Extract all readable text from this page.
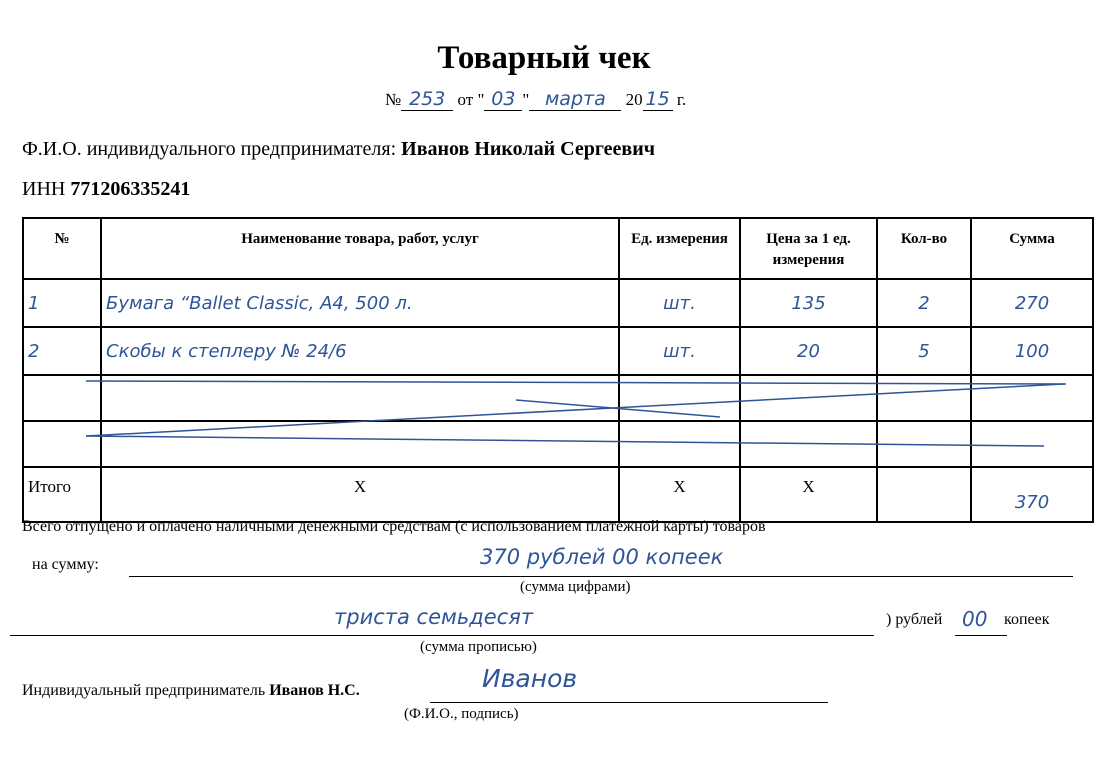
Товарный чек
№ 253 от " 03 " марта 20 15 г.
Ф.И.О. индивидуального предпринимателя: Иванов Николай Сергеевич
ИНН 771206335241
№	Наименование товара, работ, услуг	Ед. измерения	Цена за 1 ед. измерения	Кол-во	Сумма
1	Бумага “Ballet Classic, А4, 500 л.	шт.	135	2	270
2	Скобы к степлеру № 24/6	шт.	20	5	100

Итого	X	X	X		370
Всего отпущено и оплачено наличными денежными средствам (с использованием платежной карты) товаров
на сумму:	370 рублей 00 копеек
(сумма цифрами)
триста семьдесят	) рублей 00 копеек
(сумма прописью)
Индивидуальный предприниматель Иванов Н.С.	Иванов
(Ф.И.О., подпись)
